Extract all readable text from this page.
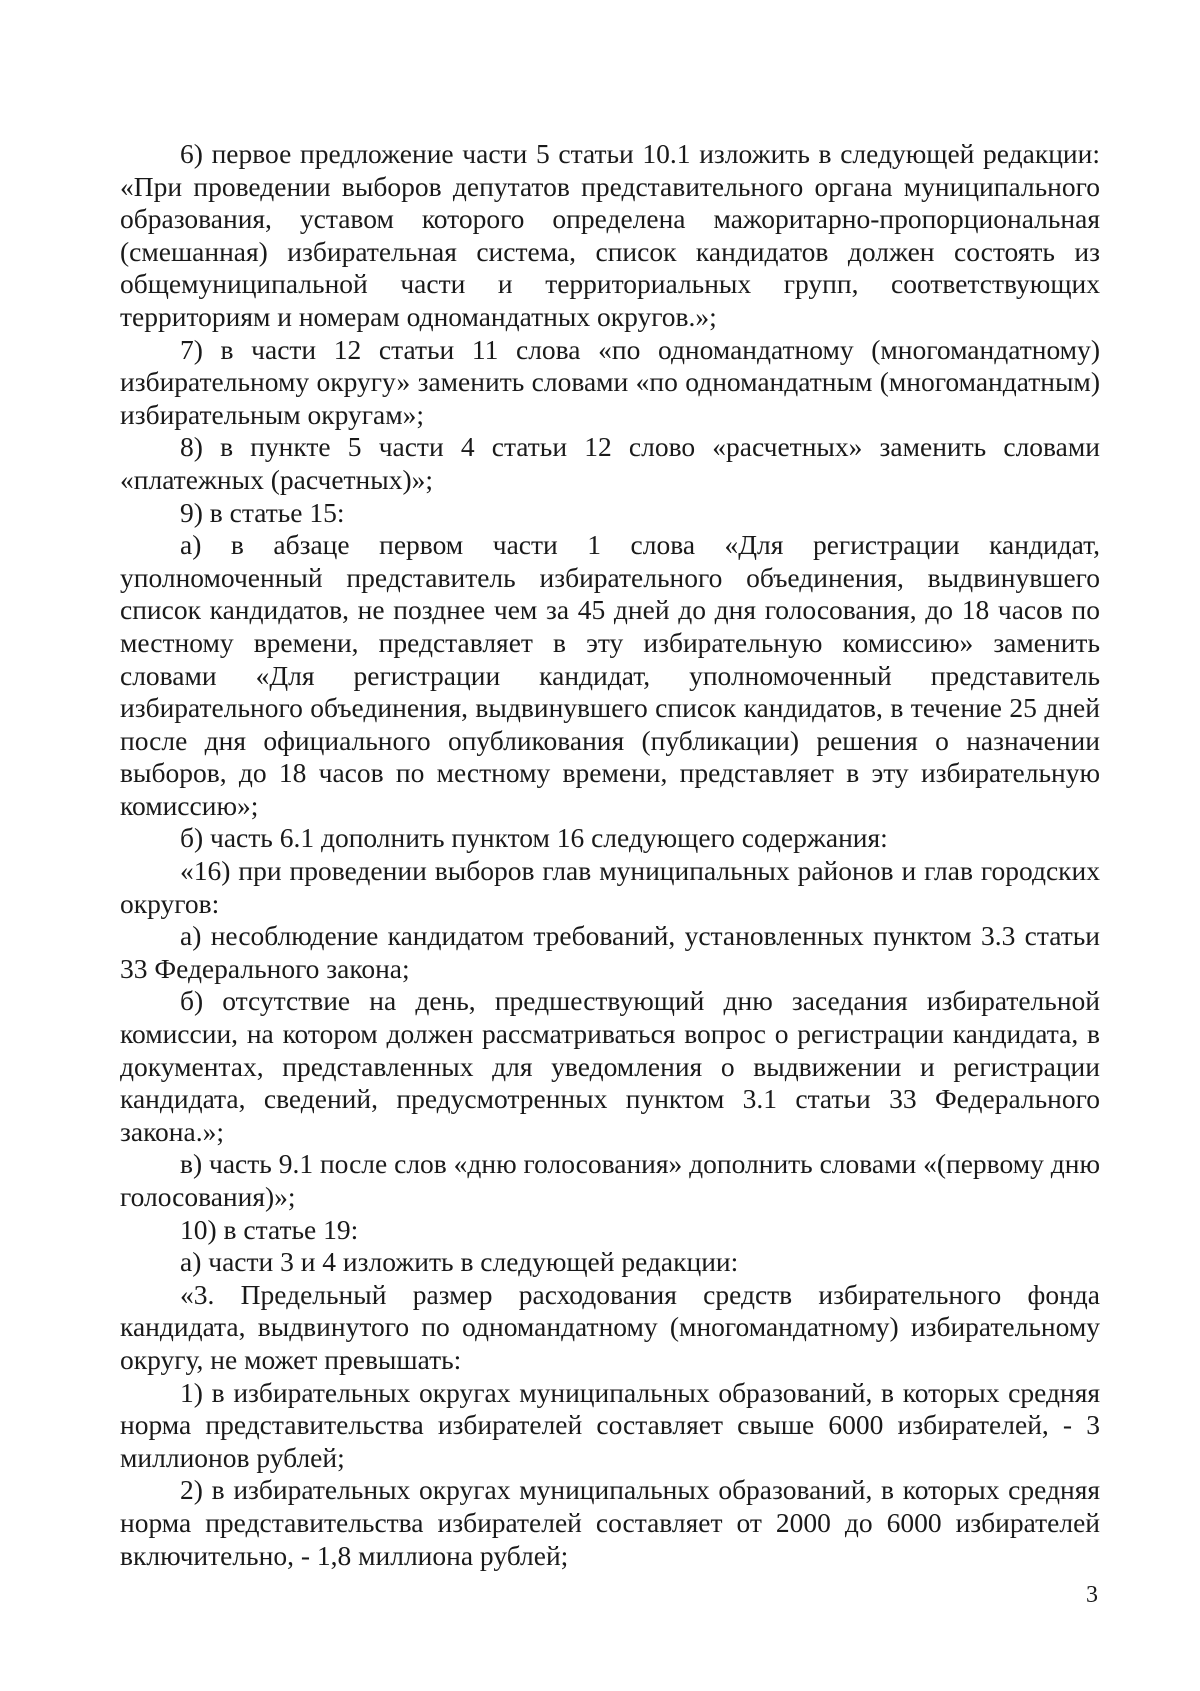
6) первое предложение части 5 статьи 10.1 изложить в следующей редакции: «При проведении выборов депутатов представительного органа муниципального образования, уставом которого определена мажоритарно-пропорциональная (смешанная) избирательная система, список кандидатов должен состоять из общемуниципальной части и территориальных групп, соответствующих территориям и номерам одномандатных округов.»;

7) в части 12 статьи 11 слова «по одномандатному (многомандатному) избирательному округу» заменить словами «по одномандатным (многомандатным) избирательным округам»;

8) в пункте 5 части 4 статьи 12 слово «расчетных» заменить словами «платежных (расчетных)»;

9) в статье 15:

а) в абзаце первом части 1 слова «Для регистрации кандидат, уполномоченный представитель избирательного объединения, выдвинувшего список кандидатов, не позднее чем за 45 дней до дня голосования, до 18 часов по местному времени, представляет в эту избирательную комиссию» заменить словами «Для регистрации кандидат, уполномоченный представитель избирательного объединения, выдвинувшего список кандидатов, в течение 25 дней после дня официального опубликования (публикации) решения о назначении выборов, до 18 часов по местному времени, представляет в эту избирательную комиссию»;

б) часть 6.1 дополнить пунктом 16 следующего содержания:

«16) при проведении выборов глав муниципальных районов и глав городских округов:

а) несоблюдение кандидатом требований, установленных пунктом 3.3 статьи 33 Федерального закона;

б) отсутствие на день, предшествующий дню заседания избирательной комиссии, на котором должен рассматриваться вопрос о регистрации кандидата, в документах, представленных для уведомления о выдвижении и регистрации кандидата, сведений, предусмотренных пунктом 3.1 статьи 33 Федерального закона.»;

в) часть 9.1 после слов «дню голосования» дополнить словами «(первому дню голосования)»;

10) в статье 19:

а) части 3 и 4 изложить в следующей редакции:

«3. Предельный размер расходования средств избирательного фонда кандидата, выдвинутого по одномандатному (многомандатному) избирательному округу, не может превышать:

1) в избирательных округах муниципальных образований, в которых средняя норма представительства избирателей составляет свыше 6000 избирателей, - 3 миллионов рублей;

2) в избирательных округах муниципальных образований, в которых средняя норма представительства избирателей составляет от 2000 до 6000 избирателей включительно, - 1,8 миллиона рублей;

3
